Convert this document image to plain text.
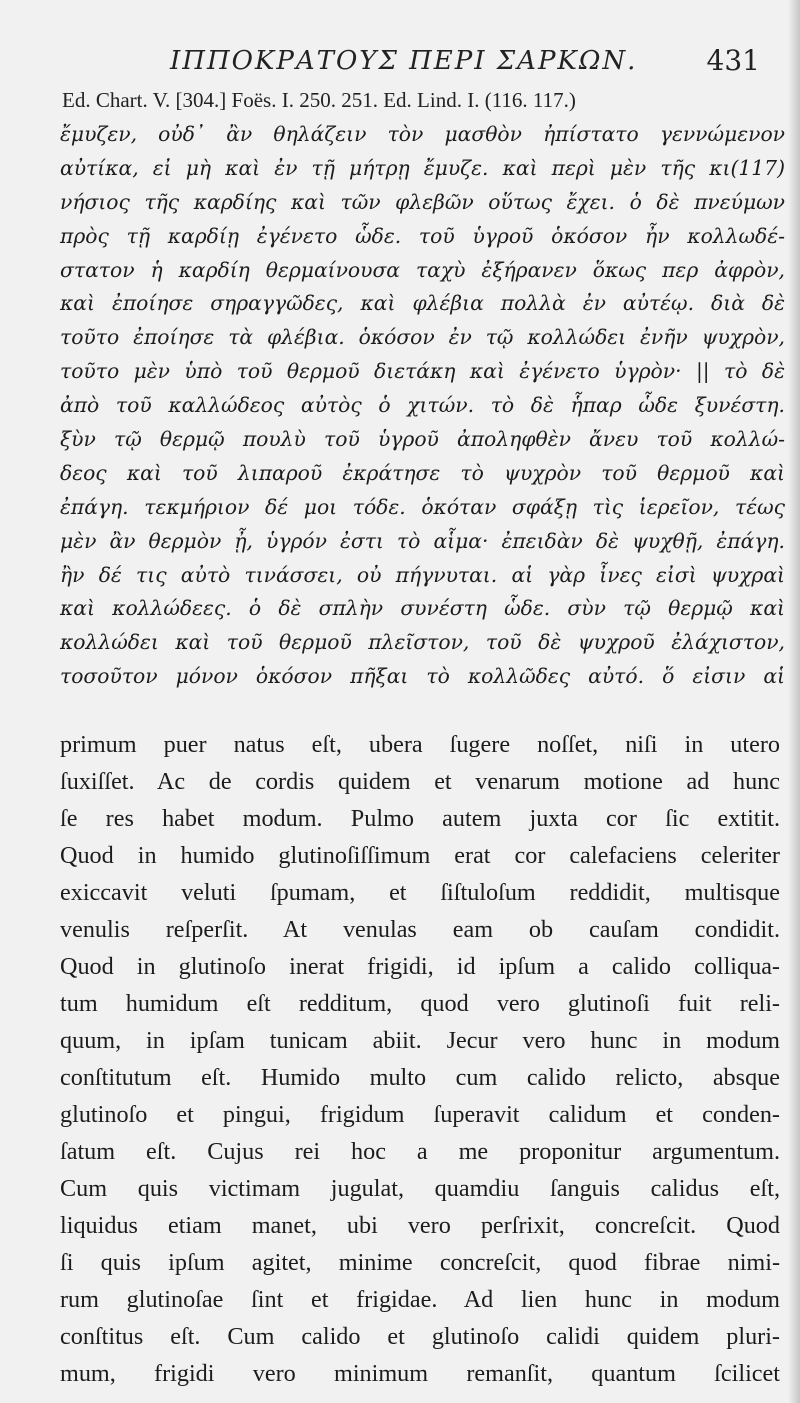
ΙΠΠΟΚΡΑΤΟΥΣ ΠΕΡΙ ΣΑΡΚΩΝ. 431
Ed. Chart. V. [304.] Foës. I. 250. 251. Ed. Lind. I. (116. 117.)
ἔμυζεν, οὐδ᾽ ἂν θηλάζειν τὸν μασθὸν ἠπίστατο γεννώμενον
αὐτίκα, εἰ μὴ καὶ ἐν τῇ μήτρῃ ἔμυζε. καὶ περὶ μὲν τῆς κι(117)
νήσιος τῆς καρδίης καὶ τῶν φλεβῶν οὕτως ἔχει. ὁ δὲ πνεύμων
πρὸς τῇ καρδίῃ ἐγένετο ὧδε. τοῦ ὑγροῦ ὁκόσον ἦν κολλωδέ-
στατον ἡ καρδίη θερμαίνουσα ταχὺ ἐξήρανεν ὅκως περ ἀφρὸν,
καὶ ἐποίησε σηραγγῶδες, καὶ φλέβια πολλὰ ἐν αὐτέῳ. διὰ δὲ
τοῦτο ἐποίησε τὰ φλέβια. ὁκόσον ἐν τῷ κολλώδει ἐνῆν ψυχρὸν,
τοῦτο μὲν ὑπὸ τοῦ θερμοῦ διετάκη καὶ ἐγένετο ὑγρὸν· || τὸ δὲ
ἀπὸ τοῦ καλλώδεος αὐτὸς ὁ χιτών. τὸ δὲ ἧπαρ ὧδε ξυνέστη.
ξὺν τῷ θερμῷ πουλὺ τοῦ ὑγροῦ ἀποληφθὲν ἄνευ τοῦ κολλώ-
δεος καὶ τοῦ λιπαροῦ ἐκράτησε τὸ ψυχρὸν τοῦ θερμοῦ καὶ
ἐπάγη. τεκμήριον δέ μοι τόδε. ὁκόταν σφάξῃ τὶς ἱερεῖον, τέως
μὲν ἂν θερμὸν ᾖ, ὑγρόν ἐστι τὸ αἷμα· ἐπειδὰν δὲ ψυχθῇ, ἐπάγη.
ἢν δέ τις αὐτὸ τινάσσει, οὐ πήγνυται. αἱ γὰρ ἶνες εἰσὶ ψυχραὶ
καὶ κολλώδεες. ὁ δὲ σπλὴν συνέστη ὧδε. σὺν τῷ θερμῷ καὶ
κολλώδει καὶ τοῦ θερμοῦ πλεῖστον, τοῦ δὲ ψυχροῦ ἐλάχιστον,
τοσοῦτον μόνον ὁκόσον πῆξαι τὸ κολλῶδες αὐτό. ὅ εἰσιν αἱ
primum puer natus eſt, ubera ſugere noſſet, niſi in utero
ſuxiſſet. Ac de cordis quidem et venarum motione ad hunc
ſe res habet modum. Pulmo autem juxta cor ſic extitit.
Quod in humido glutinoſiſſimum erat cor calefaciens celeriter
exiccavit veluti ſpumam, et ſiſtuloſum reddidit, multisque
venulis reſperſit. At venulas eam ob cauſam condidit.
Quod in glutinoſo inerat frigidi, id ipſum a calido colliqua-
tum humidum eſt redditum, quod vero glutinoſi fuit reli-
quum, in ipſam tunicam abiit. Jecur vero hunc in modum
conſtitutum eſt. Humido multo cum calido relicto, absque
glutinoſo et pingui, frigidum ſuperavit calidum et conden-
ſatum eſt. Cujus rei hoc a me proponitur argumentum.
Cum quis victimam jugulat, quamdiu ſanguis calidus eſt,
liquidus etiam manet, ubi vero perſrixit, concreſcit. Quod
ſi quis ipſum agitet, minime concreſcit, quod fibrae nimi-
rum glutinoſae ſint et frigidae. Ad lien hunc in modum
conſtitus eſt. Cum calido et glutinoſo calidi quidem pluri-
mum, frigidi vero minimum remanſit, quantum ſcilicet
